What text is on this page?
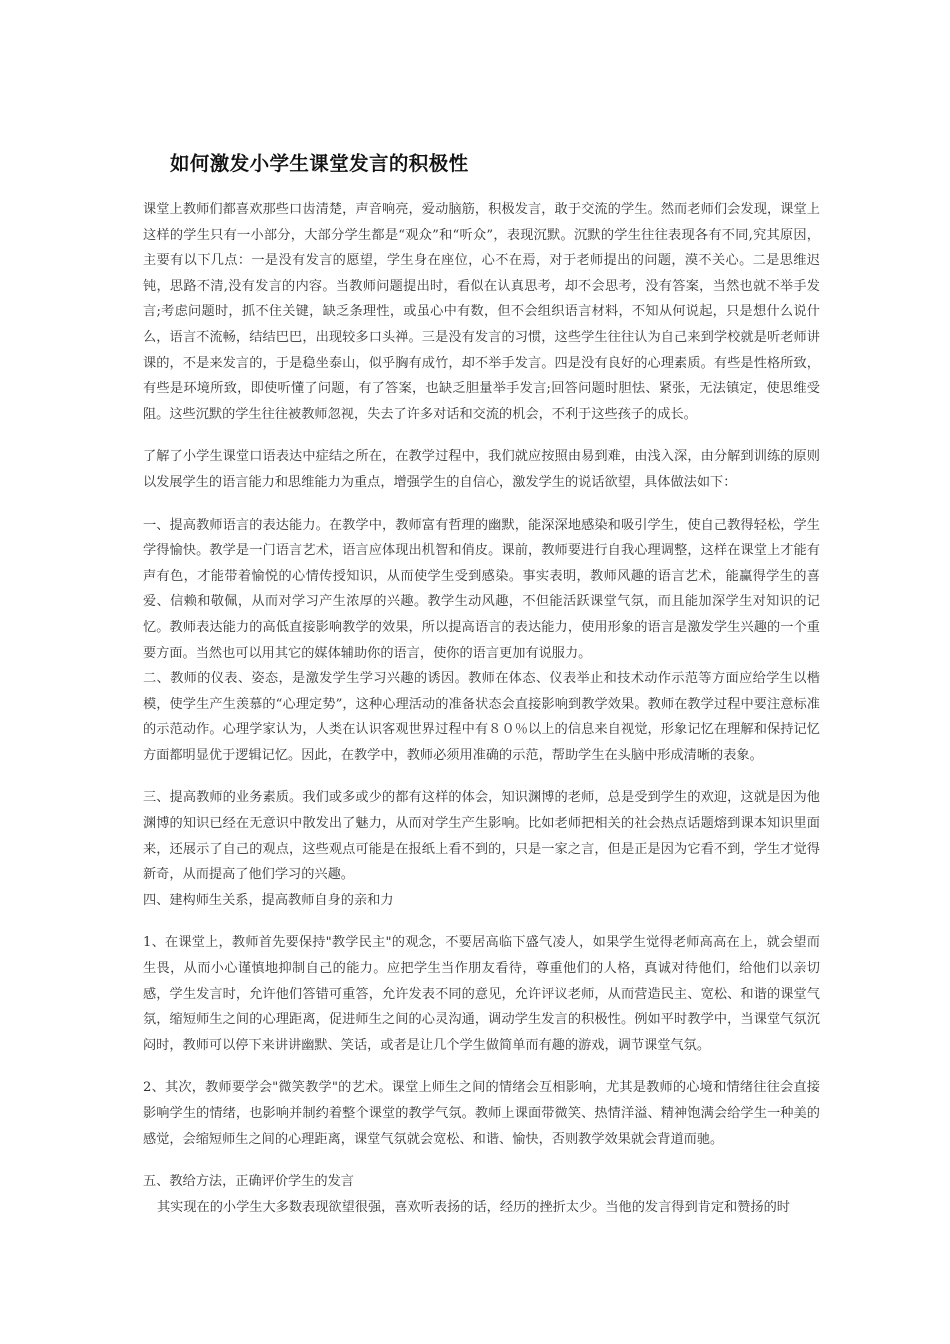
如何激发小学生课堂发言的积极性

课堂上教师们都喜欢那些口齿清楚，声音响亮，爱动脑筋，积极发言，敢于交流的学生。然而老师们会发现，课堂上这样的学生只有一小部分，大部分学生都是“观众”和“听众”，表现沉默。沉默的学生往往表现各有不同,究其原因，主要有以下几点：一是没有发言的愿望，学生身在座位，心不在焉，对于老师提出的问题，漠不关心。二是思维迟钝，思路不清,没有发言的内容。当教师问题提出时，看似在认真思考，却不会思考，没有答案，当然也就不举手发言;考虑问题时，抓不住关键，缺乏条理性，或虽心中有数，但不会组织语言材料，不知从何说起，只是想什么说什么，语言不流畅，结结巴巴，出现较多口头禅。三是没有发言的习惯，这些学生往往认为自己来到学校就是听老师讲课的，不是来发言的，于是稳坐泰山，似乎胸有成竹，却不举手发言。四是没有良好的心理素质。有些是性格所致，有些是环境所致，即使听懂了问题，有了答案，也缺乏胆量举手发言;回答问题时胆怯、紧张，无法镇定，使思维受阻。这些沉默的学生往往被教师忽视，失去了许多对话和交流的机会，不利于这些孩子的成长。

了解了小学生课堂口语表达中症结之所在，在教学过程中，我们就应按照由易到难，由浅入深，由分解到训练的原则以发展学生的语言能力和思维能力为重点，增强学生的自信心，激发学生的说话欲望，具体做法如下：

一、提高教师语言的表达能力。在教学中，教师富有哲理的幽默，能深深地感染和吸引学生，使自己教得轻松，学生学得愉快。教学是一门语言艺术，语言应体现出机智和俏皮。课前，教师要进行自我心理调整，这样在课堂上才能有声有色，才能带着愉悦的心情传授知识，从而使学生受到感染。事实表明，教师风趣的语言艺术，能赢得学生的喜爱、信赖和敬佩，从而对学习产生浓厚的兴趣。教学生动风趣，不但能活跃课堂气氛，而且能加深学生对知识的记忆。教师表达能力的高低直接影响教学的效果，所以提高语言的表达能力，使用形象的语言是激发学生兴趣的一个重要方面。当然也可以用其它的媒体辅助你的语言，使你的语言更加有说服力。

二、教师的仪表、姿态，是激发学生学习兴趣的诱因。教师在体态、仪表举止和技术动作示范等方面应给学生以楷模，使学生产生羡慕的“心理定势”，这种心理活动的准备状态会直接影响到教学效果。教师在教学过程中要注意标准的示范动作。心理学家认为，人类在认识客观世界过程中有８０％以上的信息来自视觉，形象记忆在理解和保持记忆方面都明显优于逻辑记忆。因此，在教学中，教师必须用准确的示范，帮助学生在头脑中形成清晰的表象。

三、提高教师的业务素质。我们或多或少的都有这样的体会，知识渊博的老师，总是受到学生的欢迎，这就是因为他渊博的知识已经在无意识中散发出了魅力，从而对学生产生影响。比如老师把相关的社会热点话题熔到课本知识里面来，还展示了自己的观点，这些观点可能是在报纸上看不到的，只是一家之言，但是正是因为它看不到，学生才觉得新奇，从而提高了他们学习的兴趣。

四、建构师生关系，提高教师自身的亲和力

1、在课堂上，教师首先要保持"教学民主"的观念，不要居高临下盛气凌人，如果学生觉得老师高高在上，就会望而生畏，从而小心谨慎地抑制自己的能力。应把学生当作朋友看待，尊重他们的人格，真诚对待他们，给他们以亲切感，学生发言时，允许他们答错可重答，允许发表不同的意见，允许评议老师，从而营造民主、宽松、和谐的课堂气氛，缩短师生之间的心理距离，促进师生之间的心灵沟通，调动学生发言的积极性。例如平时教学中，当课堂气氛沉闷时，教师可以停下来讲讲幽默、笑话，或者是让几个学生做简单而有趣的游戏，调节课堂气氛。

2、其次，教师要学会"微笑教学"的艺术。课堂上师生之间的情绪会互相影响，尤其是教师的心境和情绪往往会直接影响学生的情绪，也影响并制约着整个课堂的教学气氛。教师上课面带微笑、热情洋溢、精神饱满会给学生一种美的感觉，会缩短师生之间的心理距离，课堂气氛就会宽松、和谐、愉快，否则教学效果就会背道而驰。

五、教给方法，正确评价学生的发言

其实现在的小学生大多数表现欲望很强，喜欢听表扬的话，经历的挫折太少。当他的发言得到肯定和赞扬的时
